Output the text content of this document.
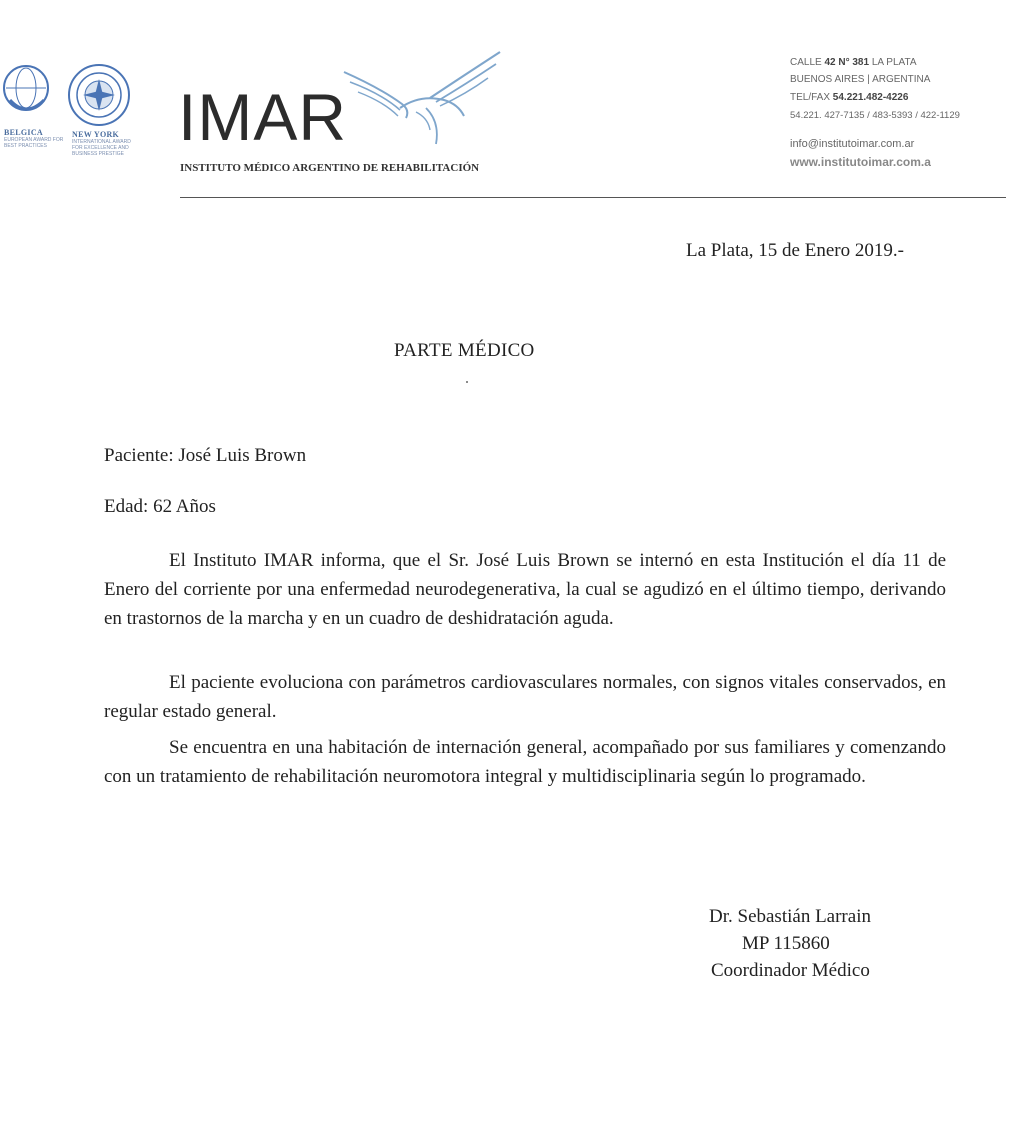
BELGICA
EUROPEAN AWARD FOR BEST PRACTICES
NEW YORK
INTERNATIONAL AWARD FOR EXCELLENCE AND BUSINESS PRESTIGE IMAR
INSTITUTO MÉDICO ARGENTINO DE REHABILITACIÓN
CALLE 42 N° 381 LA PLATA
BUENOS AIRES | ARGENTINA
TEL/FAX 54.221.482-4226
54.221. 427-7135 / 483-5393 / 422-1129
info@institutoimar.com.ar
www.institutoimar.com.a
La Plata, 15 de Enero 2019.-
PARTE MÉDICO
Paciente: José Luis Brown
Edad: 62 Años

El Instituto IMAR informa, que el Sr. José Luis Brown se internó en esta Institución el día 11 de Enero del corriente por una enfermedad neurodegenerativa, la cual se agudizó en el último tiempo, derivando en trastornos de la marcha y en un cuadro de deshidratación aguda.

El paciente evoluciona con parámetros cardiovasculares normales, con signos vitales conservados, en regular estado general.

Se encuentra en una habitación de internación general, acompañado por sus familiares y comenzando con un tratamiento de rehabilitación neuromotora integral y multidisciplinaria según lo programado.

Dr. Sebastián Larrain
MP 115860
Coordinador Médico
